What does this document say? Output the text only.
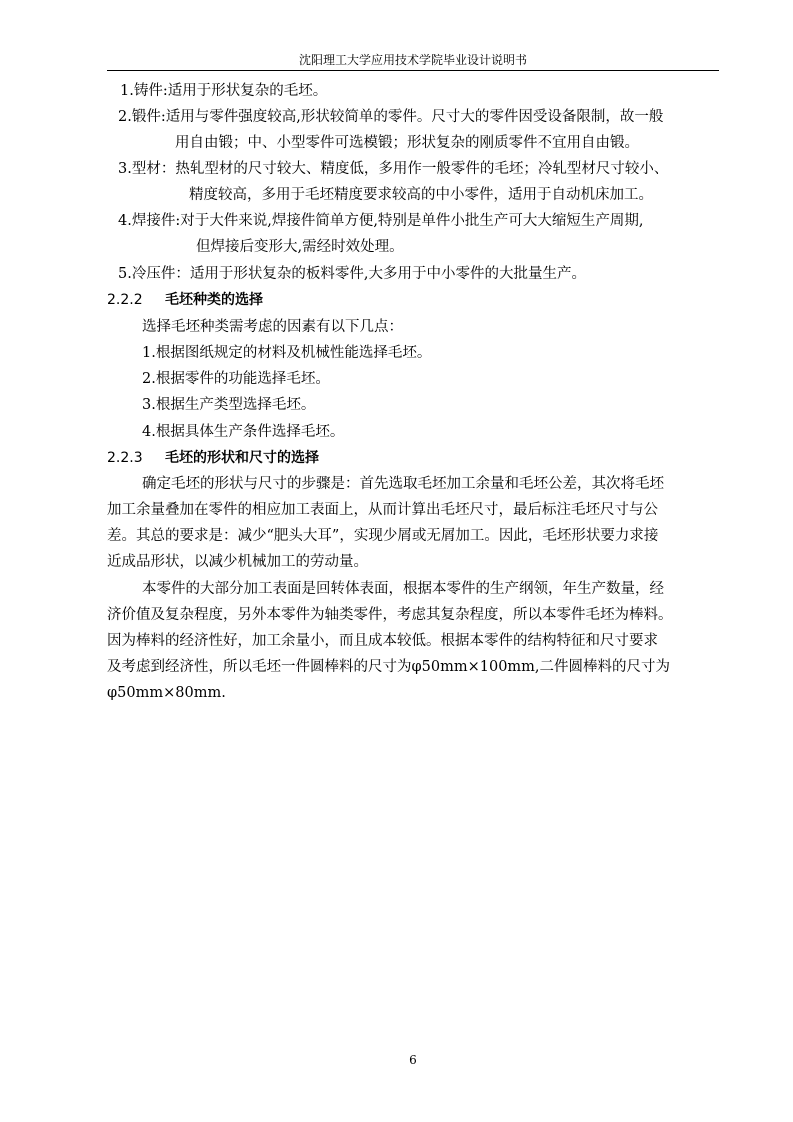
沈阳理工大学应用技术学院毕业设计说明书
1.铸件:适用于形状复杂的毛坯。
2.锻件:适用与零件强度较高,形状较简单的零件。尺寸大的零件因受设备限制，故一般
用自由锻；中、小型零件可选模锻；形状复杂的刚质零件不宜用自由锻。
3.型材：热轧型材的尺寸较大、精度低，多用作一般零件的毛坯；冷轧型材尺寸较小、
精度较高，多用于毛坯精度要求较高的中小零件，适用于自动机床加工。
4.焊接件:对于大件来说,焊接件简单方便,特别是单件小批生产可大大缩短生产周期,
但焊接后变形大,需经时效处理。
5.冷压件：适用于形状复杂的板料零件,大多用于中小零件的大批量生产。
2.2.2 毛坯种类的选择
选择毛坯种类需考虑的因素有以下几点：
1.根据图纸规定的材料及机械性能选择毛坯。
2.根据零件的功能选择毛坯。
3.根据生产类型选择毛坯。
4.根据具体生产条件选择毛坯。
2.2.3 毛坯的形状和尺寸的选择
确定毛坯的形状与尺寸的步骤是：首先选取毛坯加工余量和毛坯公差，其次将毛坯
加工余量叠加在零件的相应加工表面上，从而计算出毛坯尺寸，最后标注毛坯尺寸与公
差。其总的要求是：减少“肥头大耳”，实现少屑或无屑加工。因此，毛坯形状要力求接
近成品形状，以减少机械加工的劳动量。
本零件的大部分加工表面是回转体表面，根据本零件的生产纲领，年生产数量，经
济价值及复杂程度，另外本零件为轴类零件，考虑其复杂程度，所以本零件毛坯为棒料。
因为棒料的经济性好，加工余量小，而且成本较低。根据本零件的结构特征和尺寸要求
及考虑到经济性，所以毛坯一件圆棒料的尺寸为φ50mm×100mm,二件圆棒料的尺寸为
φ50mm×80mm.
6
